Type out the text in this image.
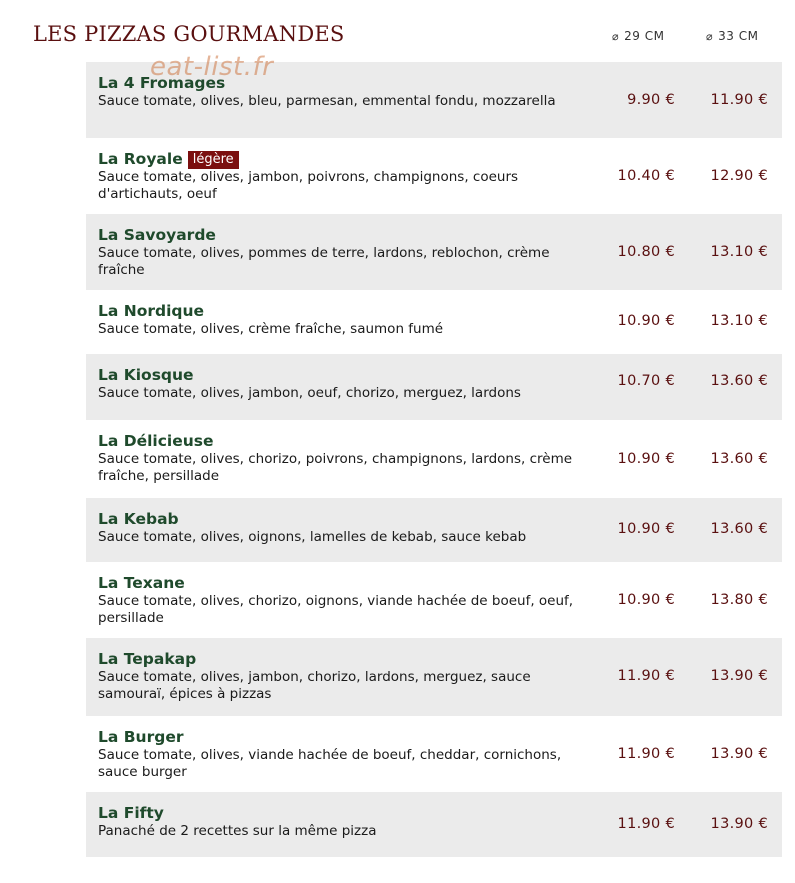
LES PIZZAS GOURMANDES	⌀ 29 CM	⌀ 33 CM
eat-list.fr
La 4 Fromages
Sauce tomate, olives, bleu, parmesan, emmental fondu, mozzarella	9.90 € 11.90 €
La Royale légère
Sauce tomate, olives, jambon, poivrons, champignons, coeurs d'artichauts, oeuf
10.40 € 12.90 €
La Savoyarde
Sauce tomate, olives, pommes de terre, lardons, reblochon, crème fraîche
10.80 € 13.10 €
La Nordique
Sauce tomate, olives, crème fraîche, saumon fumé	10.90 € 13.10 €
La Kiosque
Sauce tomate, olives, jambon, oeuf, chorizo, merguez, lardons
10.70 € 13.60 €
La Délicieuse
Sauce tomate, olives, chorizo, poivrons, champignons, lardons, crème fraîche, persillade
10.90 € 13.60 €
La Kebab
Sauce tomate, olives, oignons, lamelles de kebab, sauce kebab	10.90 € 13.60 €
La Texane
Sauce tomate, olives, chorizo, oignons, viande hachée de boeuf, oeuf, persillade
10.90 € 13.80 €
La Tepakap
Sauce tomate, olives, jambon, chorizo, lardons, merguez, sauce samouraï, épices à pizzas
11.90 € 13.90 €
La Burger
Sauce tomate, olives, viande hachée de boeuf, cheddar, cornichons, sauce burger
11.90 € 13.90 €
La Fifty
Panaché de 2 recettes sur la même pizza	11.90 € 13.90 €
